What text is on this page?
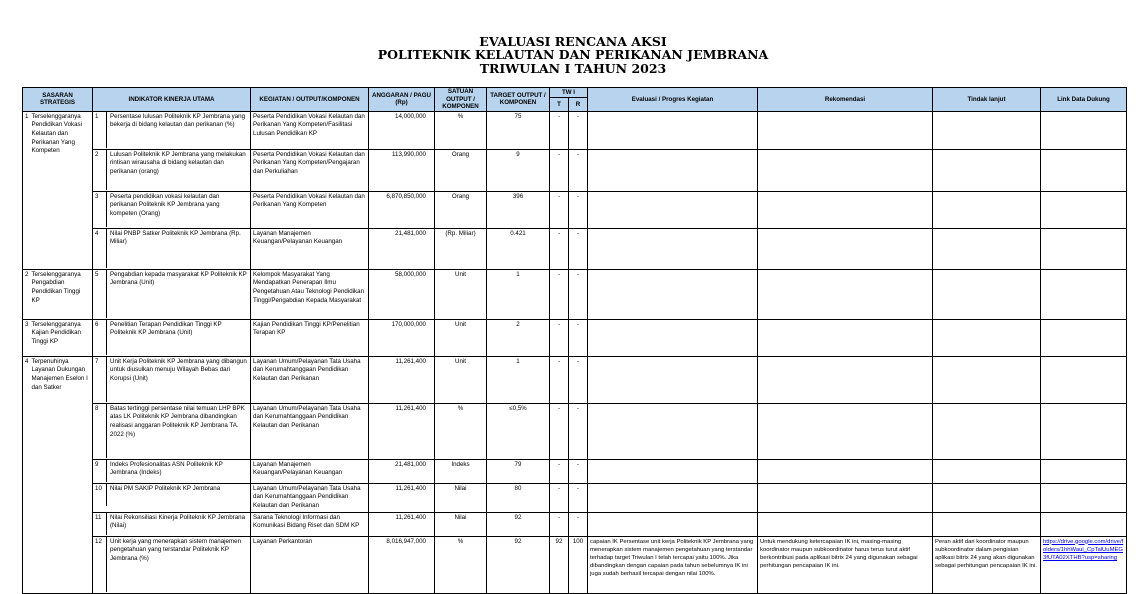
EVALUASI RENCANA AKSI
POLITEKNIK KELAUTAN DAN PERIKANAN JEMBRANA
TRIWULAN I TAHUN 2023
SASARAN STRATEGIS	INDIKATOR KINERJA UTAMA	KEGIATAN / OUTPUT/KOMPONEN	ANGGARAN / PAGU (Rp)	SATUAN OUTPUT / KOMPONEN	TARGET OUTPUT / KOMPONEN	TW I		Evaluasi / Progres Kegiatan	Rekomendasi	Tindak lanjut	Link Data Dukung
						T	R				

1 Terselenggaranya Pendidikan Vokasi Kelautan dan Perikanan Yang Kompeten	1 Persentase lulusan Politeknik KP Jembrana yang bekerja di bidang kelautan dan perikanan (%)	Peserta Pendidikan Vokasi Kelautan dan Perikanan Yang Kompeten/Fasilitasi Lulusan Pendidikan KP	14,000,000	%	75	-	-				

	2 Lulusan Politeknik KP Jembrana yang melakukan rintisan wirausaha di bidang kelautan dan perikanan (orang)	Peserta Pendidikan Vokasi Kelautan dan Perikanan Yang Kompeten/Pengajaran dan Perkuliahan	113,990,000	Orang	9	-	-				

	3 Peserta pendidikan vokasi kelautan dan perikanan Politeknik KP Jembrana yang kompeten (Orang)	Peserta Pendidikan Vokasi Kelautan dan Perikanan Yang Kompeten	6,870,850,000	Orang	396	-	-				

	4 Nilai PNBP Satker Politeknik KP Jembrana (Rp. Miliar)	Layanan Manajemen Keuangan/Pelayanan Keuangan	21,481,000	(Rp. Miliar)	0.421	-	-				

2 Terselenggaranya Pengabdian Pendidikan Tinggi KP	5 Pengabdian kepada masyarakat KP Politeknik KP Jembrana (Unit)	Kelompok Masyarakat Yang Mendapatkan Penerapan Ilmu Pengetahuan Atau Teknologi Pendidikan Tinggi/Pengabdian Kepada Masyarakat	58,000,000	Unit	1	-	-				

3 Terselenggaranya Kajian Pendidikan Tinggi KP	6 Penelitian Terapan Pendidikan Tinggi KP Politeknik KP Jembrana (Unit)	Kajian Pendidikan Tinggi KP/Penelitian Terapan KP	170,000,000	Unit	2	-	-				

4 Terpenuhinya Layanan Dukungan Manajemen Eselon I dan Satker	7 Unit Kerja Politeknik KP Jembrana yang dibangun untuk diusulkan menuju Wilayah Bebas dari Korupsi (Unit)	Layanan Umum/Pelayanan Tata Usaha dan Kerumahtanggaan Pendidikan Kelautan dan Perikanan	11,261,400	Unit	1	-	-				

	8 Batas tertinggi persentase nilai temuan LHP BPK atas LK Politeknik KP Jembrana dibandingkan realisasi anggaran Politeknik KP Jembrana TA. 2022 (%)	Layanan Umum/Pelayanan Tata Usaha dan Kerumahtanggaan Pendidikan Kelautan dan Perikanan	11,261,400	%	≤0,5%	-	-				

	9 Indeks Profesionalitas ASN Politeknik KP Jembrana (Indeks)	Layanan Manajemen Keuangan/Pelayanan Keuangan	21,481,000	Indeks	79	-	-				

	10 Nilai PM SAKIP Politeknik KP Jembrana	Layanan Umum/Pelayanan Tata Usaha dan Kerumahtanggaan Pendidikan Kelautan dan Perikanan	11,261,400	Nilai	80	-	-				

	11 Nilai Rekonsiliasi Kinerja Politeknik KP Jembrana (Nilai)	Sarana Teknologi Informasi dan Komunikasi Bidang Riset dan SDM KP	11,261,400	Nilai	92	-	-				

	12 Unit kerja yang menerapkan sistem manajemen pengetahuan yang terstandar Politeknik KP Jembrana (%)	Layanan Perkantoran	8,016,947,000	%	92	92	100	capaian IK Persentase unit kerja Politeknik KP Jembrana yang menerapkan sistem manajemen pengetahuan yang terstandar terhadap target Triwulan I telah tercapai yaitu 100%. Jika dibandingkan dengan capaian pada tahun sebelumnya IK ini juga sudah berhasil tercapai dengan nilai 100%.	Untuk mendukung ketercapaian IK ini, masing-masing koordinator maupun subkoordinator harus terus turut aktif berkontribusi pada aplikasi bitrix 24 yang digunakan sebagai perhitungan pencapaian IK ini.	Peran aktif dari koordinator maupun subkoordinator dalam pengisian aplikasi bitrix 24 yang akan digunakan sebagai perhitungan pencapaian IK ini.	https://drive.google.com/drive/folders/1hhWaui_CpTalUuMEG3fUTA02XTHB?usp=sharing
